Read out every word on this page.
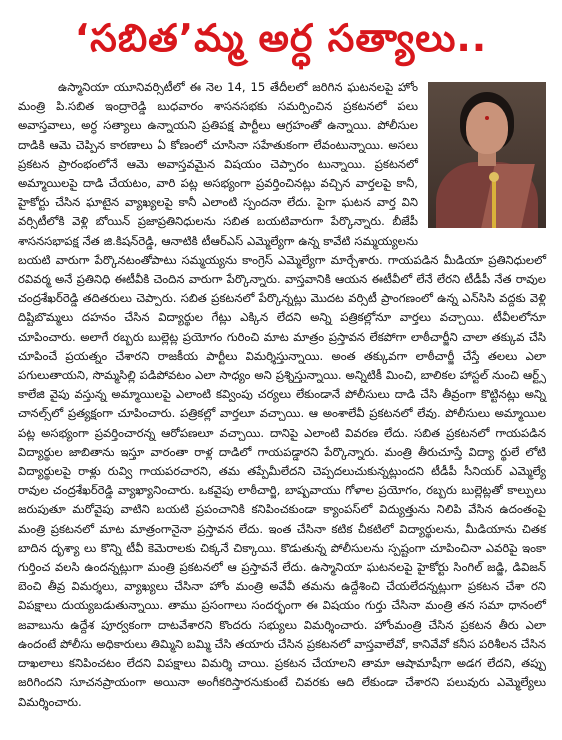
‘సబిత’మ్మ అర్ధ సత్యాలు..

ఉస్మానియా యూనివర్సిటీలో ఈ నెల 14, 15 తేదీలలో జరిగిన ఘటనలపై హోం మంత్రి పి.సబిత ఇంద్రారెడ్డి బుధవారం శాసనసభకు సమర్పించిన ప్రకటనలో పలు అవాస్తవాలు, అర్ధ సత్యాలు ఉన్నాయని ప్రతిపక్ష పార్టీలు ఆగ్రహంతో ఉన్నాయి. పోలీసుల దాడికి ఆమె చెప్పిన కారణాలు ఏ కోణంలో చూసినా సహేతుకంగా లేవంటున్నాయి. అసలు ప్రకటన ప్రారంభంలోనే ఆమె అవాస్తవమైన విషయం చెప్పారం టున్నాయి. ప్రకటనలో అమ్మాయిలపై దాడి చేయటం, వారి పట్ల అసభ్యంగా ప్రవర్తించినట్లు వచ్చిన వార్తలపై కానీ, హైకోర్టు చేసిన ఘాటైన వ్యాఖ్యలపై కానీ ఎలాంటి స్పందనా లేదు. పైగా ఘటన వార్త విని వర్సిటీలోకి వెళ్లి బోయిన్ ప్రజాప్రతినిధులను సబిత బయటివారుగా పేర్కొన్నారు. బీజేపీ శాసనసభాపక్ష నేత జి.కిషన్‌రెడ్డి, ఆనాటికి టీఆర్ఎస్ ఎమ్మెల్యేగా ఉన్న కావేటి సమ్మయ్యలను బయటి వారుగా పేర్కొనటంతోపాటు సమ్మయ్యను కాంగ్రెస్ ఎమ్మెల్యేగా మార్చేశారు. గాయపడిన మీడియా ప్రతినిధులలో రవివర్మ అనే ప్రతినిధి ఈటీవీకి చెందిన వారుగా పేర్కొన్నారు. వాస్తవానికి ఆయన ఈటీవీలో లేనే లేరని టీడీపీ నేత రావుల చంద్రశేఖర్‌రెడ్డి తదితరులు చెప్పారు. సబిత ప్రకటనలో పేర్కొన్నట్లు మొదట వర్సిటీ ప్రాంగణంలో ఉన్న ఎన్‌సిసి వద్దకు వెళ్లి దిష్టిబొమ్మలు దహనం చేసిన విద్యార్థుల గేట్లు ఎక్కిన లేదని అన్ని పత్రికల్లోనూ వార్తలు వచ్చాయి. టీవీలలోనూ చూపించారు. అలాగే రబ్బరు బుల్లెట్ల ప్రయోగం గురించి మాట మాత్రం ప్రస్తావన లేకపోగా లాఠీచార్జీని చాలా తక్కువ చేసి చూపించే ప్రయత్నం చేశారని రాజకీయ పార్టీలు విమర్శిస్తున్నాయి. అంత తక్కువగా లాఠీచార్జీ చేస్తే తలలు ఎలా పగులుతాయని, సొమ్మసిల్లి పడిపోవటం ఎలా సాధ్యం అని ప్రశ్నిస్తున్నాయి. అన్నిటికీ మించి, బాలికల హాస్టల్ నుంచి ఆర్ట్స్ కాలేజి వైపు వస్తున్న అమ్మాయిలపై ఎలాంటి కవ్వింపు చర్యలు లేకుండానే పోలీసులు దాడి చేసి తీవ్రంగా కొట్టినట్లు అన్ని చానల్స్‌లో ప్రత్యక్షంగా చూపించారు. పత్రికల్లో వార్తలూ వచ్చాయి. ఆ అంశాలేవీ ప్రకటనలో లేవు. పోలీసులు అమ్మాయిల పట్ల అసభ్యంగా ప్రవర్తించారన్న ఆరోపణలూ వచ్చాయి. దానిపై ఎలాంటి వివరణ లేదు. సబిత ప్రకటనలో గాయపడిన విద్యార్థుల జాబితాను ఇస్తూ వారంతా రాళ్ల దాడిలో గాయపడ్డారని పేర్కొన్నారు. మంత్రి తీరుచూస్తే విద్యా ర్థులే లోటి విద్యార్థులపై రాళ్లు రువ్వి గాయపరచారని, తమ తప్పేమీలేదని చెప్పదలుచుకున్నట్లుందని టీడీపీ సీనియర్ ఎమ్మెల్యే రావుల చంద్రశేఖర్‌రెడ్డి వ్యాఖ్యానించారు. ఒకవైపు లాఠీచార్జి, బాష్పవాయు గోళాల ప్రయోగం, రబ్బరు బుల్లెట్లతో కాల్పులు జరుపుతూ మరోవైపు వాటిని బయటి ప్రపంచానికి కనిపించకుండా క్యాంపస్‌లో విద్యుత్తును నిలిపి వేసిన ఉదంతంపై మంత్రి ప్రకటనలో మాట మాత్రంగానైనా ప్రస్తావన లేదు. ఇంత చేసినా కటిక చీకటిలో విద్యార్థులను, మీడియాను చితక బాదిన దృశ్యా లు కొన్ని టీవీ కెమెరాలకు చిక్కనే చిక్కాయి. కొడుతున్న పోలీసులను స్పష్టంగా చూపించినా ఎవరిపై ఇంకా గుర్తించ వలసి ఉందన్నట్లుగా మంత్రి ప్రకటనలో ఆ ప్రస్తావనే లేదు. ఉస్మానియా ఘటనలపై హైకోర్టు సింగిల్ జడ్జి, డివిజన్ బెంచి తీవ్ర విమర్శలు, వ్యాఖ్యలు చేసినా హోం మంత్రి అవేవీ తమను ఉద్దేశించి చేయలేదన్నట్లుగా ప్రకటన చేశా రని విపక్షాలు దుయ్యబడుతున్నాయి. తాము ప్రసంగాలు సందర్భంగా ఈ విషయం గుర్తు చేసినా మంత్రి తన సమా ధానంలో జవాబును ఉద్దేశ పూర్వకంగా దాటవేశారని కొందరు సభ్యులు విమర్శించారు. హోంమంత్రి చేసిన ప్రకటన తీరు ఎలా ఉందంటే పోలీసు అధికారులు తిమ్మిని బమ్మి చేసి తయారు చేసిన ప్రకటనలో వాస్తవాలేవో, కానివేవో కనీస పరిశీలన చేసిన దాఖలాలు కనిపించటం లేదని విపక్షాలు విమర్శి చాయి. ప్రకటన చేయాలని తామా ఆషామాషీగా అడగ లేదని, తప్పు జరిగిందని సూచనప్రాయంగా అయినా అంగీకరిస్తారనుకుంటే చివరకు ఆది లేకుండా చేశారని పలువురు ఎమ్మెల్యేలు విమర్శించారు.
